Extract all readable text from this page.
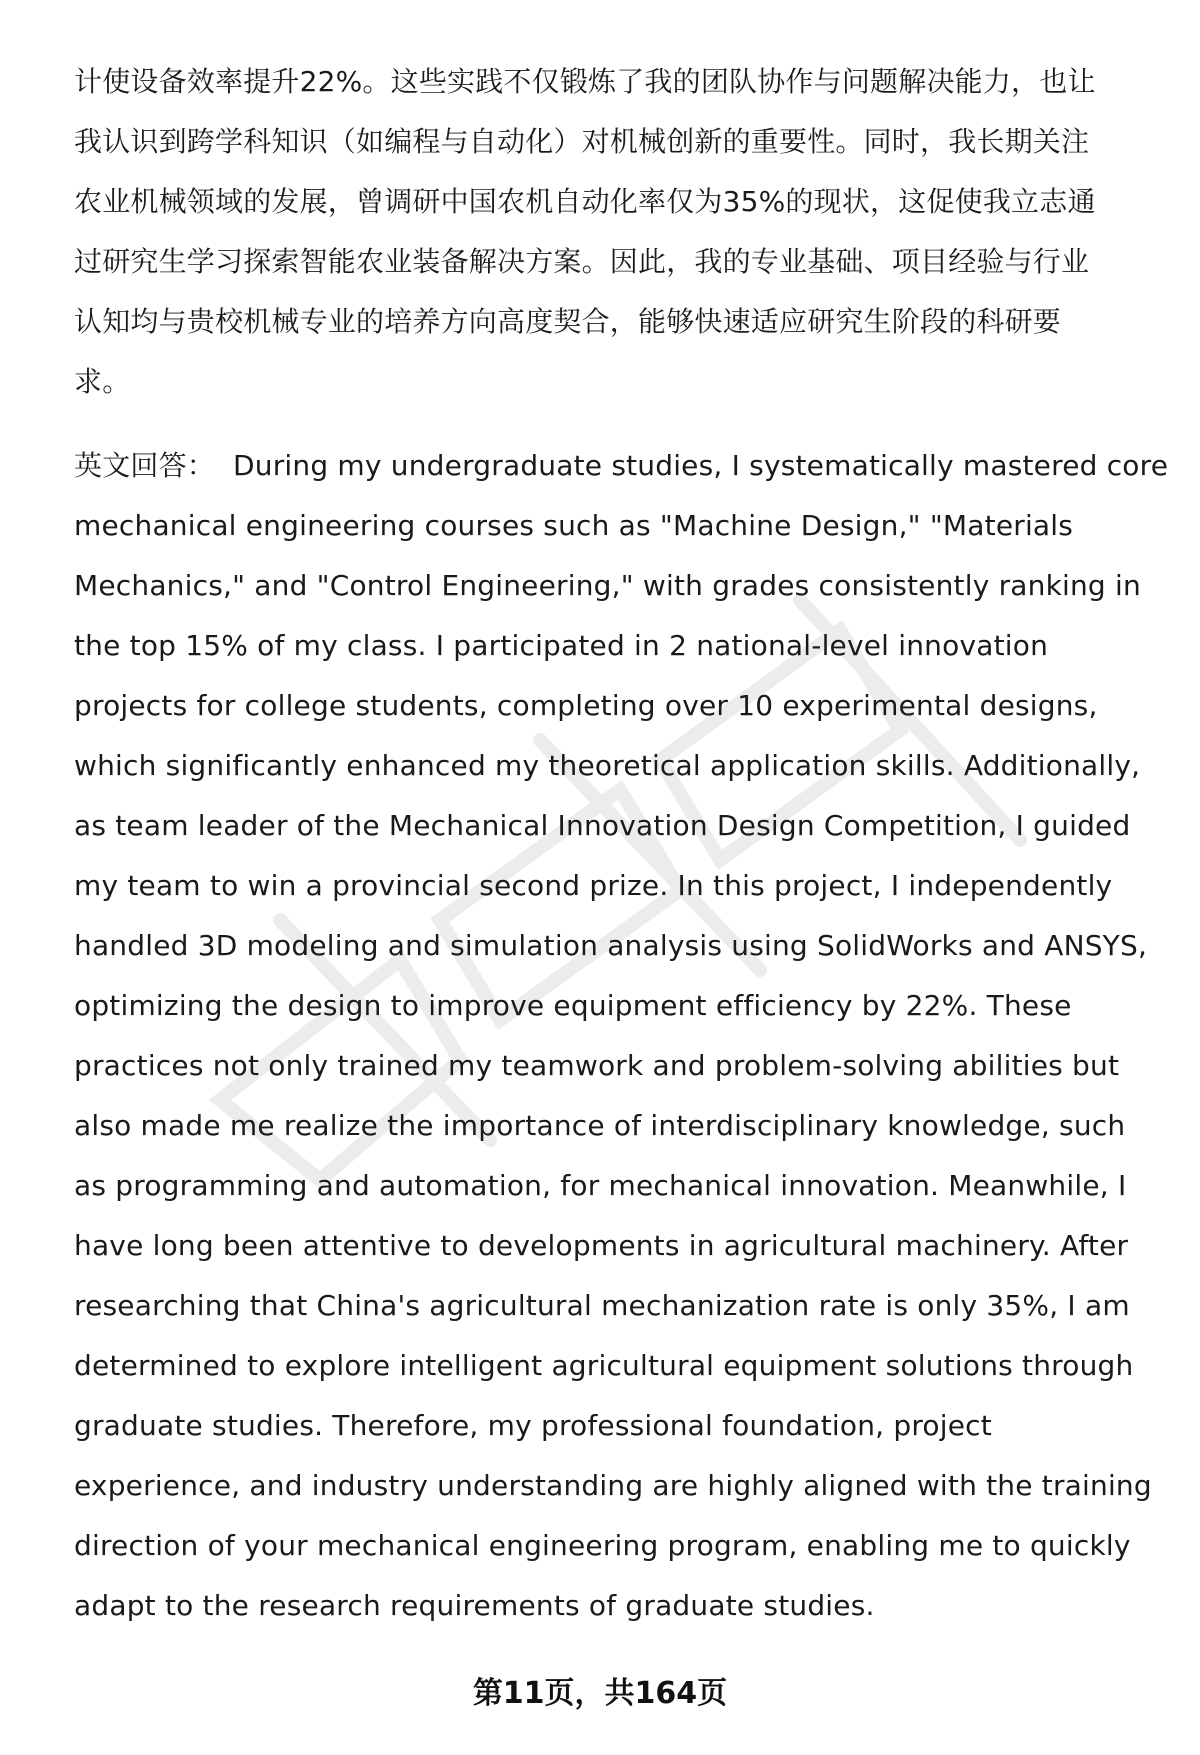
计使设备效率提升22%。这些实践不仅锻炼了我的团队协作与问题解决能力，也让
我认识到跨学科知识（如编程与自动化）对机械创新的重要性。同时，我长期关注
农业机械领域的发展，曾调研中国农机自动化率仅为35%的现状，这促使我立志通
过研究生学习探索智能农业装备解决方案。因此，我的专业基础、项目经验与行业
认知均与贵校机械专业的培养方向高度契合，能够快速适应研究生阶段的科研要
求。
英文回答： During my undergraduate studies, I systematically mastered core
mechanical engineering courses such as "Machine Design," "Materials
Mechanics," and "Control Engineering," with grades consistently ranking in
the top 15% of my class. I participated in 2 national-level innovation
projects for college students, completing over 10 experimental designs,
which significantly enhanced my theoretical application skills. Additionally,
as team leader of the Mechanical Innovation Design Competition, I guided
my team to win a provincial second prize. In this project, I independently
handled 3D modeling and simulation analysis using SolidWorks and ANSYS,
optimizing the design to improve equipment efficiency by 22%. These
practices not only trained my teamwork and problem-solving abilities but
also made me realize the importance of interdisciplinary knowledge, such
as programming and automation, for mechanical innovation. Meanwhile, I
have long been attentive to developments in agricultural machinery. After
researching that China's agricultural mechanization rate is only 35%, I am
determined to explore intelligent agricultural equipment solutions through
graduate studies. Therefore, my professional foundation, project
experience, and industry understanding are highly aligned with the training
direction of your mechanical engineering program, enabling me to quickly
adapt to the research requirements of graduate studies.
第11页，共164页
